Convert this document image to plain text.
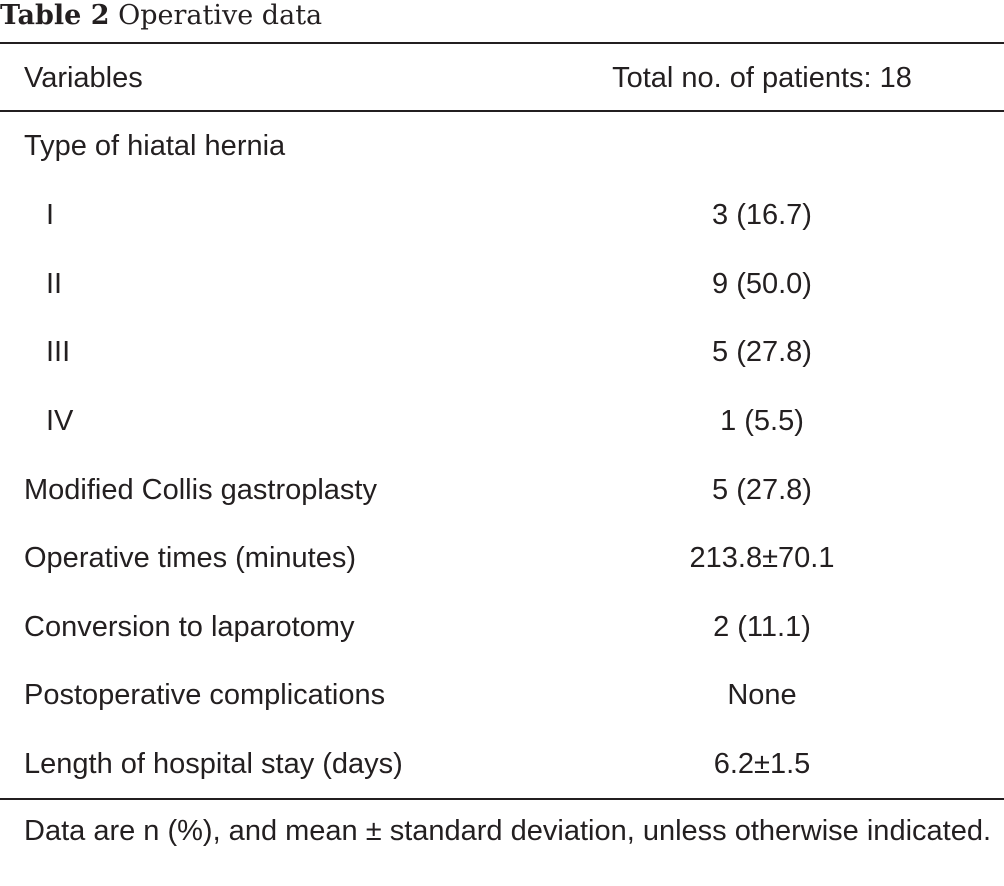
Table 2 Operative data
Variables	Total no. of patients: 18
Type of hiatal hernia
I	3 (16.7)
II	9 (50.0)
III	5 (27.8)
IV	1 (5.5)
Modified Collis gastroplasty	5 (27.8)
Operative times (minutes)	213.8±70.1
Conversion to laparotomy	2 (11.1)
Postoperative complications	None
Length of hospital stay (days)	6.2±1.5
Data are n (%), and mean ± standard deviation, unless otherwise indicated.
